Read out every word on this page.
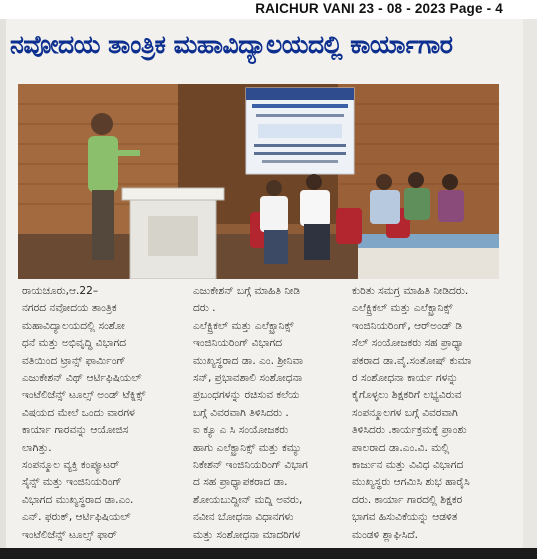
RAICHUR VANI 23 - 08 - 2023 Page - 4
ನವೋದಯ ತಾಂತ್ರಿಕ ಮಹಾವಿದ್ಯಾಲಯದಲ್ಲಿ ಕಾರ್ಯಾಗಾರ

ರಾಯಚೂರು,ಆ.22–

ನಗರದ ನವೋದಯ ತಾಂತ್ರಿಕ

ಮಹಾವಿದ್ಯಾಲಯದಲ್ಲಿ ಸಂಶೋ

ಧನೆ ಮತ್ತು ಅಭಿವೃದ್ಧಿ ವಿಭಾಗದ

ವತಿಯಿಂದ ಟ್ರಾನ್ಸ್ ಫಾರ್ಮಿಂಗ್

ಎಜುಕೇಶನ್ ವಿಥ್ ಆರ್ಟಿಫಿಷಿಯಲ್

ಇಂಟೆಲಿಜೆನ್ಸ್ ಟೂಲ್ಸ್ ಅಂಡ್ ಟೆಕ್ನಿಕ್ಸ್

ವಿಷಯದ ಮೇಲೆ ಒಂದು ವಾರಗಳ

ಕಾರ್ಯಾ ಗಾರವನ್ನು ಆಯೋಜಿಸ

ಲಾಗಿತ್ತು.

ಸಂಪನ್ಮೂಲ ವ್ಯಕ್ತಿ ಕಂಪ್ಯೂಟರ್

ಸೈನ್ಸ್ ಮತ್ತು ಇಂಜಿನಿಯರಿಂಗ್

ವಿಭಾಗದ ಮುಖ್ಯಸ್ಥರಾದ ಡಾ.ಎಂ.

ಎನ್. ಫರುಕ್, ಆರ್ಟಿಫಿಷಿಯಲ್

ಇಂಟೆಲಿಜೆನ್ಸ್ ಟೂಲ್ಸ್ ಫಾರ್

ಎಜುಕೇಶನ್ ಬಗ್ಗೆ ಮಾಹಿತಿ ನೀಡಿ

ದರು .

ಎಲೆಕ್ಟ್ರಿಕಲ್ ಮತ್ತು ಎಲೆಕ್ಟ್ರಾನಿಕ್ಸ್

ಇಂಜಿನಿಯರಿಂಗ್ ವಿಭಾಗದ

ಮುಖ್ಯಸ್ಥರಾದ ಡಾ. ಎಂ. ಶ್ರೀನಿವಾ

ಸನ್, ಪ್ರಭಾವಶಾಲಿ ಸಂಶೋಧನಾ

ಪ್ರಬಂಧಗಳನ್ನು ರಚಿಸುವ ಕಲೆಯ

ಬಗ್ಗೆ ವಿವರವಾಗಿ ತಿಳಿಸಿದರು .

ಐ ಕ್ಯೂ ಎ ಸಿ ಸಂಯೋಜಕರು

ಹಾಗು ಎಲೆಕ್ಟ್ರಾನಿಕ್ಸ್ ಮತ್ತು ಕಮ್ಯು

ನಿಕೇಶನ್ ಇಂಜಿನಿಯರಿಂಗ್ ವಿಭಾಗ

ದ ಸಹ ಪ್ರಾಧ್ಯಾಪಕರಾದ ಡಾ.

ಶೋಯಬುದ್ದೀನ್ ಮದ್ನಿ ಅವರು,

ನವೀನ ಬೋಧನಾ ವಿಧಾನಗಳು

ಮತ್ತು ಸಂಶೋಧನಾ ಮಾದರಿಗಳ

ಕುರಿತು ಸಮಗ್ರ ಮಾಹಿತಿ ನೀಡಿದರು.

ಎಲೆಕ್ಟ್ರಿಕಲ್ ಮತ್ತು ಎಲೆಕ್ಟ್ರಾನಿಕ್ಸ್

ಇಂಜಿನಿಯರಿಂಗ್, ಆರ್‌ಅಂಡ್ ಡಿ

ಸೆಲ್ ಸಂಯೋಜಕರು ಸಹ ಪ್ರಾಧ್ಯಾ

ಪಕರಾದ ಡಾ.ವೈ.ಸಂತೋಷ್ ಕುಮಾ

ರ ಸಂಶೋಧನಾ ಕಾರ್ಯ ಗಳನ್ನು

ಕೈಗೊಳ್ಳಲು ಶಿಕ್ಷಕರಿಗೆ ಲಭ್ಯವಿರುವ

ಸಂಪನ್ಮೂಲಗಳ ಬಗ್ಗೆ ವಿವರವಾಗಿ

ತಿಳಿಸಿದರು .ಕಾರ್ಯಕ್ರಮಕ್ಕೆ ಪ್ರಾಂಶು

ಪಾಲರಾದ ಡಾ.ಎಂ.ವಿ. ಮಲ್ಲಿ

ಕಾರ್ಜುನ ಮತ್ತು ವಿವಿಧ ವಿಭಾಗದ

ಮುಖ್ಯಸ್ಥರು ಆಗಮಿಸಿ ಶುಭ ಹಾರೈಸಿ

ದರು. ಕಾರ್ಯಾ ಗಾರದಲ್ಲಿ ಶಿಕ್ಷಕರ

ಭಾಗವ ಹಿಸುವಿಕೆಯನ್ನು ಆಡಳಿತ

ಮಂಡಳಿ ಶ್ಲಾಘಿಸಿದೆ.
